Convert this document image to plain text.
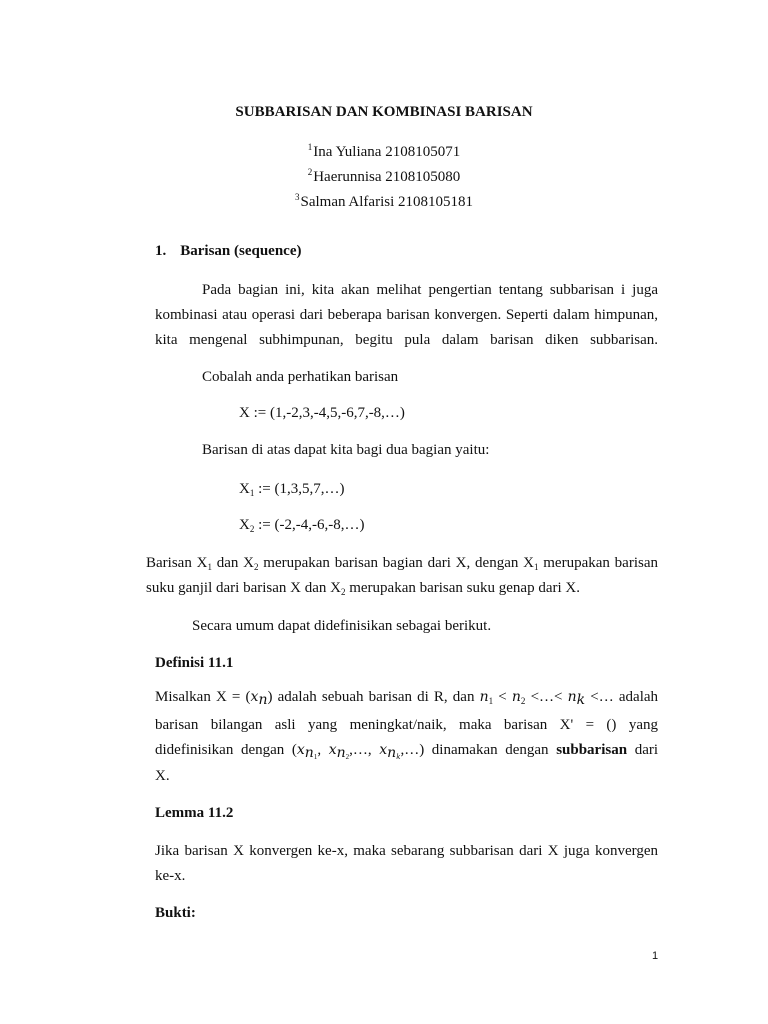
SUBBARISAN DAN KOMBINASI BARISAN
$^1$Ina Yuliana 2108105071
$^2$Haerunnisa 2108105080
$^3$Salman Alfarisi 2108105181
1. Barisan (sequence)
Pada bagian ini, kita akan melihat pengertian tentang subbarisan i juga
kombinasi atau operasi dari beberapa barisan konvergen. Seperti dalam himpunan,
kita mengenal subhimpunan, begitu pula dalam barisan diken subbarisan.
Cobalah anda perhatikan barisan
X := (1,-2,3,-4,5,-6,7,-8,…)
Barisan di atas dapat kita bagi dua bagian yaitu:
$X_1$ := (1,3,5,7,…)
$X_2$ := (-2,-4,-6,-8,…)
Barisan $X_1$ dan $X_2$ merupakan barisan bagian dari X, dengan $X_1$ merupakan barisan
suku ganjil dari barisan X dan $X_2$ merupakan barisan suku genap dari X.
Secara umum dapat didefinisikan sebagai berikut.
Definisi 11.1
Misalkan X = (xn) adalah sebuah barisan di R, dan $n_1 < n_2$ <…< nk <… adalah
barisan bilangan asli yang meningkat/naik, maka barisan X' = () yang
didefinisikan dengan ($xn_1$, $xn_2,\dots$, $xn_k,\dots$) dinamakan dengan subbarisan dari
X.
Lemma 11.2
Jika barisan X konvergen ke-x, maka sebarang subbarisan dari X juga konvergen
ke-x.
Bukti:
1
